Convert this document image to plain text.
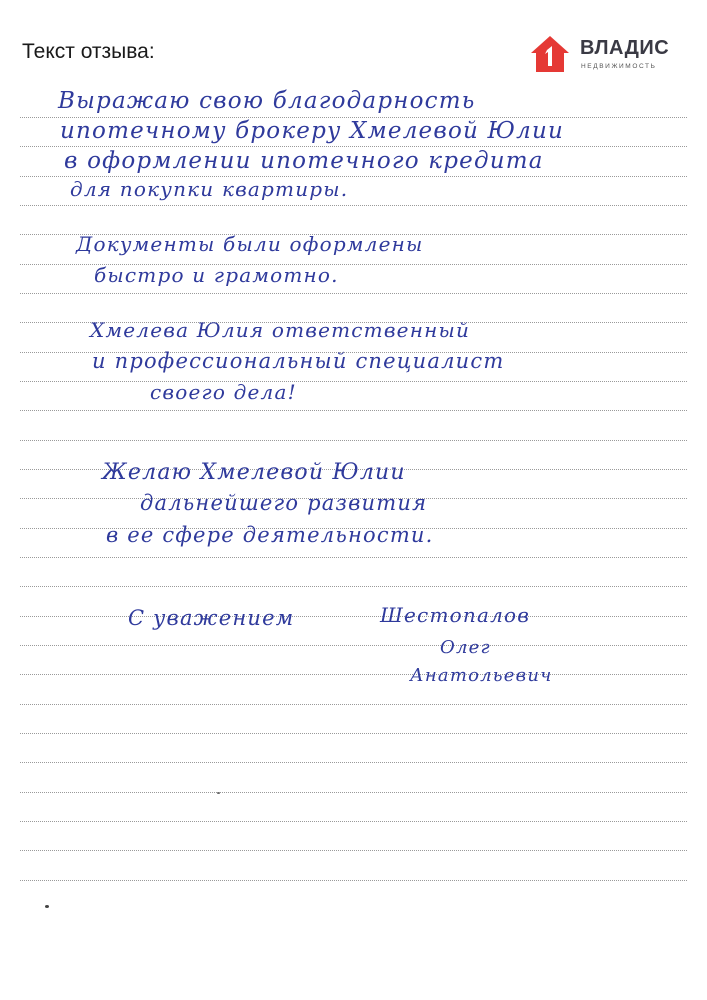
Текст отзыва:	ВЛАДИС
НЕДВИЖИМОСТЬ
Выражаю свою благодарность
ипотечному брокеру Хмелевой Юлии
в оформлении ипотечного кредита
для покупки квартиры.
Документы были оформлены
быстро и грамотно.
Хмелева Юлия ответственный
и профессиональный специалист
своего дела!
Желаю Хмелевой Юлии
дальнейшего развития
в ее сфере деятельности.
С уважением	Шестопалов
Олег
Анатольевич
